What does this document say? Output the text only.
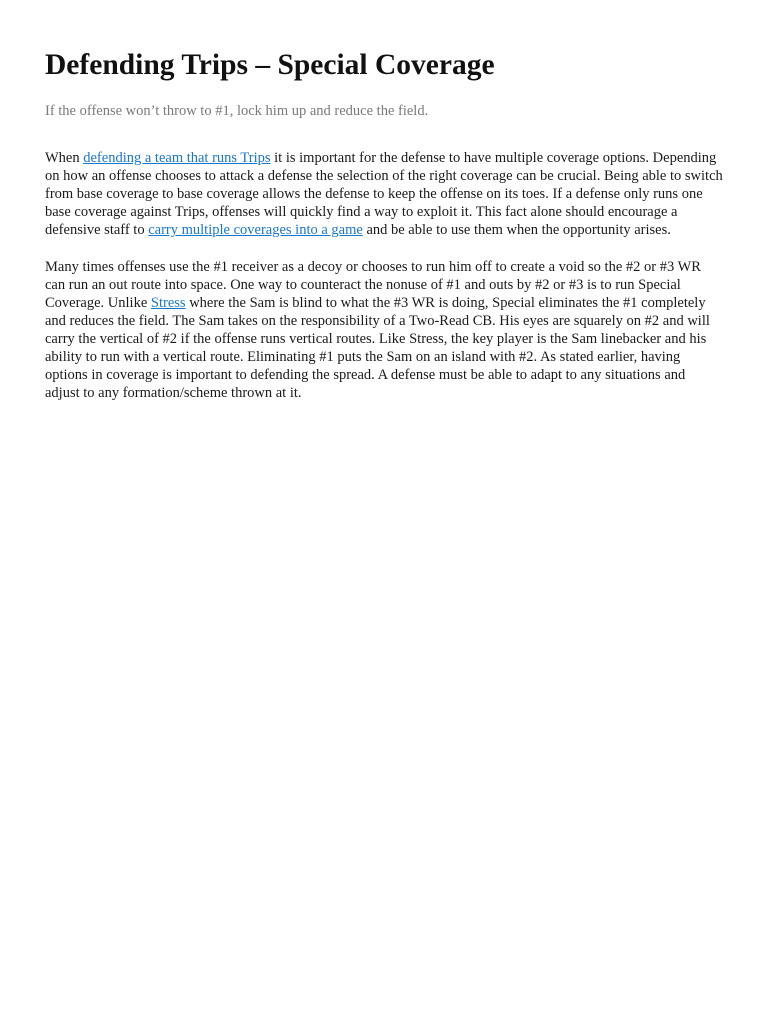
Defending Trips – Special Coverage

If the offense won’t throw to #1, lock him up and reduce the field.

When defending a team that runs Trips it is important for the defense to have multiple coverage options. Depending on how an offense chooses to attack a defense the selection of the right coverage can be crucial. Being able to switch from base coverage to base coverage allows the defense to keep the offense on its toes. If a defense only runs one base coverage against Trips, offenses will quickly find a way to exploit it. This fact alone should encourage a defensive staff to carry multiple coverages into a game and be able to use them when the opportunity arises.

Many times offenses use the #1 receiver as a decoy or chooses to run him off to create a void so the #2 or #3 WR can run an out route into space. One way to counteract the nonuse of #1 and outs by #2 or #3 is to run Special Coverage. Unlike Stress where the Sam is blind to what the #3 WR is doing, Special eliminates the #1 completely and reduces the field. The Sam takes on the responsibility of a Two-Read CB. His eyes are squarely on #2 and will carry the vertical of #2 if the offense runs vertical routes. Like Stress, the key player is the Sam linebacker and his ability to run with a vertical route. Eliminating #1 puts the Sam on an island with #2. As stated earlier, having options in coverage is important to defending the spread. A defense must be able to adapt to any situations and adjust to any formation/scheme thrown at it.
